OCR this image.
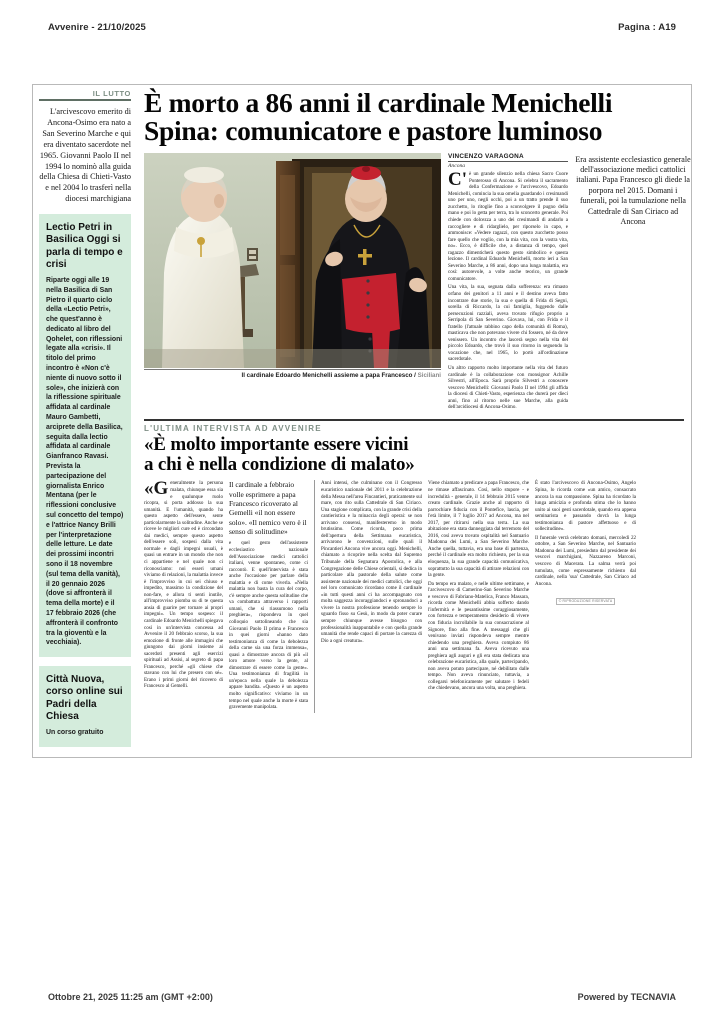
Avvenire - 21/10/2025	Pagina : A19
IL LUTTO
L'arcivescovo emerito di Ancona-Osimo era nato a San Severino Marche e qui era diventato sacerdote nel 1965. Giovanni Paolo II nel 1994 lo nominò alla guida della Chiesa di Chieti-Vasto e nel 2004 lo trasferì nella diocesi marchigiana
Lectio Petri in Basilica Oggi si parla di tempo e crisi

Riparte oggi alle 19 nella Basilica di San Pietro il quarto ciclo della «Lectio Petri», che quest'anno è dedicato al libro del Qohelet, con riflessioni legate alla «crisi». Il titolo del primo incontro è «Non c'è niente di nuovo sotto il sole», che inizierà con la riflessione spirituale affidata al cardinale Mauro Gambetti, arciprete della Basilica, seguita dalla lectio affidata al cardinale Gianfranco Ravasi. Prevista la partecipazione del giornalista Enrico Mentana (per le riflessioni conclusive sul concetto del tempo) e l'attrice Nancy Brilli per l'interpretazione delle letture. Le date dei prossimi incontri sono il 18 novembre (sul tema della vanità), il 20 gennaio 2026 (dove si affronterà il tema della morte) e il 17 febbraio 2026 (che affronterà il confronto tra la gioventù e la vecchiaia).

Città Nuova, corso online sui Padri della Chiesa

Un corso gratuito

È morto a 86 anni il cardinale Menichelli
Spina: comunicatore e pastore luminoso
Il cardinale Edoardo Menichelli assieme a papa Francesco / Siciliani
VINCENZO VARAGONA
Ancona

C'è un grande silenzio nella chiesa Sacro Cuore Ponterosso di Ancona. Si celebra il sacramento della Confermazione e l'arcivescovo, Edoardo Menichelli, comincia la sua omelia guardando i cresimandi uno per uno, negli occhi, poi a un tratto prende il suo zucchetto, lo ritoglie fino a sconvolgere il pugno della mano e poi lo getta per terra, tra lo sconcerto generale. Poi chiede con dolcezza a uno dei cresimandi di andarlo a raccogliere e di ridarglielo, per riporselo in capo, e ammonisce: «Vedere ragazzi, con questo zucchetto posso fare quello che voglio, con la mia vita, con la vostra vita, no». Ecco, è difficile che, a distanza di tempo, quel ragazzo dimenticherà questo gesto simbolico e questa lezione. Il cardinal Edoardo Menichelli, morto ieri a San Severino Marche, a 86 anni, dopo una lunga malattia, era così: autorevole, a volte anche teorico, un grande comunicatore.

Una vita, la sua, segnata dalla sofferenza: era rimasto orfano dei genitori a 11 anni e il destino aveva fatto incontrare due storie, la sua e quella di Frida di Segni, sorella di Riccardo, la cui famiglia, fuggendo dalle persecuzioni razziali, aveva trovato rifugio proprio a Serripola di San Severino. Giovava, lui, con Frida e il fratello (l'attuale rabbino capo della comunità di Roma), masticava che non potevano vivere chi fossero, né da dove venissero. Un incontro che lascerà segno nella vita del piccolo Edoardo, che trovò il suo ritorno in seguendo la vocazione che, nel 1965, lo portò all'ordinazione sacerdotale.

Un altro rapporto molto importante nella vita del futuro cardinale è la collaborazione con monsignor Achille Silvestri, all'Epoca. Sarà proprio Silvestri a conoscere vescovo Menichelli: Giovanni Paolo II nel 1994 gli affida la diocesi di Chieti-Vasto, esperienza che durerà per dieci anni, fino al ritorno nelle sue Marche, alla guida dell'arcidiocesi di Ancona-Osimo.

Era assistente ecclesiastico generale dell'associazione medici cattolici italiani. Papa Francesco gli diede la porpora nel 2015. Domani i funerali, poi la tumulazione nella Cattedrale di San Ciriaco ad Ancona
L'ULTIMA INTERVISTA AD AVVENIRE
«È molto importante essere vicini
a chi è nella condizione di malato»

«Generalmente la persona malata, chiunque essa sia e qualunque ruolo ricopra, si porta addosso la sua umanità. E l'umanità, quando ha questo aspetto dell'essere, sente particolarmente la solitudine. Anche se riceve le migliori cure ed è circondato dai medici, sempre questo aspetto dell'essere soli, sospesi dalla vita normale e dagli impegni usuali, è quasi un entrare in un mondo che non ci appartiene e nel quale non ci riconosciamo: noi esseri umani viviamo di relazioni, la malattia invece è l'improvviso in cui sei chiuso e impedito, massimo la condizione del non-fare, e allora ti senti inutile, all'improvviso piomba su di te questa ansia di guarire per tornare ai propri impegni». Un tempo sospeso: il cardinale Edoardo Menichelli spiegava così in un'intervista concessa ad Avvenire il 20 febbraio scorso, la sua emozione di fronte alle immagini che giungono dai giorni insieme ai sacerdoti presenti agli esercizi spirituali ad Assisi, al segreto di papa Francesco, perché «gli chiese che stavano con lui che presero con sé». Erano i primi giorni del ricovero di Francesco al Gemelli.

Il cardinale a febbraio volle esprimere a papa Francesco ricoverato al Gemelli «il non essere solo». «Il nemico vero è il senso di solitudine»

e quel gesto dell'assistente ecclesiastico nazionale dell'Associazione medici cattolici italiani, venne spontaneo, come ci raccontò. E quell'intervista è stata anche l'occasione per parlare della malattia e di come viverla. «Nella malattia non basta la cura del corpo, c'è sempre anche questa solitudine che va combattuta attraverso i rapporti umani, che si riassumono nella preghiera», rispondeva in quel colloquio sottolineando che sia Giovanni Paolo II prima e Francesco in quei giorni «hanno dato testimonianza di come la debolezza della carne sia una forza immensa», quasi a dimostrare ancora di più «il loro amore verso la gente, al dimostrare di essere come la gente». Una testimonianza di fragilità in un'epoca nella quale la debolezza appare bandita. «Questo è un aspetto molto significativo: viviamo in un tempo nel quale anche la morte è stata gravemente manipolata.

Anni intensi, che culminano con il Congresso eucaristico nazionale del 2011 e la celebrazione della Messa nell'area Fincantieri, praticamente sul mare, con rito sulla Cattedrale di San Ciriaco. Una stagione complicata, con la grande crisi della cantieristica e la minaccia degli operai: se non arrivano consensi, manifesteremo in modo brutissimo. Come ricorda, poco prima dell'apertura della Settimana eucaristica, arrivarono le convenzioni, sulle quali il Pincantieri Ancona vive ancora oggi. Menichelli, chiamato a ricoprire nella scelta dal Supremo Tribunale della Segnatura Apostolica, e alla Congregazione delle Chiese orientali, si dedica in particolare alla pastorale della salute come assistente nazionale dei medici cattolici, che oggi nel loro comunicato ricordano come il cardinale «in tutti questi anni ci ha accompagnato con molta saggezza incoraggiandoci e spronandoci a vivere la nostra professione tenendo sempre lo sguardo fisso su Gesù, in modo da poter curare sempre chiunque avesse bisogno con professionalità inappuntabile e con quella grande umanità che rende capaci di portare la carezza di Dio a ogni creatura».

Viene chiamato a predicare a papa Francesco, che ne rimase affascinato. Così, nello stupore - e incredulità - generale, il 14 febbraio 2015 venne creato cardinale. Grazie anche al rapporto di parrochiare fiducia con il Pontefice, lascia, per l'età limite, il 7 luglio 2017 ad Ancona, ma nel 2017, per ritirarsi nella sua terra. La sua abitazione era stata danneggiata dal terremoto del 2016, così aveva trovato ospitalità nel Santuario Madonna dei Lumi, a San Severino Marche. Anche quella, tuttavia, era una base di partenza, perché il cardinale era molto richiesto, per la sua eloquenza, la sua grande capacità comunicativa, soprattutto la sua capacità di attirare relazioni con la gente.

Da tempo era malato, e nelle ultime settimane, e l'arcivescovo di Camerino-San Severino Marche e vescovo di Fabriano-Matelica, Franco Massara, ricorda come Menichelli abbia sofferto dando l'infermità e le pesantissime coraggiosamente, con fortezza e temperamento desiderio di vivere con fiducia incrollabile la sua consacrazione al Signore, fino alla fine. A messaggi che gli venivano inviati rispondeva sempre mentre chiedendo una preghiera. Aveva compiuto 86 anni una settimana fa. Aveva ricevuto una preghiera agli auguri e gli era stata dedicata una celebrazione eucaristica, alla quale, partecipando, non aveva potuto partecipare, né debilitato dalle tempo. Non aveva rinunciato, tuttavia, a collegarsi telefonicamente per salutare i fedeli che chiedevano, ancora una volta, una preghiera.

È stato l'arcivescovo di Ancona-Osimo, Angelo Spina, lo ricorda come «un amico, consacrato ancora la sua compassione. Spina ha ricordato la lunga amicizia e profonda stima che lo hanno unito ai suoi gesti sacerdotale, quando era appena seminarista e passando dovrà la lunga testimonianza di pastore affettuoso e di sollecitudine».

Il funerale verrà celebrato domani, mercoledì 22 ottobre, a San Severino Marche, nel Santuario Madonna dei Lumi, presieduto dal presidente dei vescovi marchigiani, Nazzareno Marconi, vescovo di Macerata. La salma verrà poi tumulata, come espressamente richiesto dal cardinale, nella 'sua' Cattedrale, San Ciriaco ad Ancona.

© RIPRODUZIONE RISERVATA
Ottobre 21, 2025 11:25 am (GMT +2:00)	Powered by TECNAVIA
